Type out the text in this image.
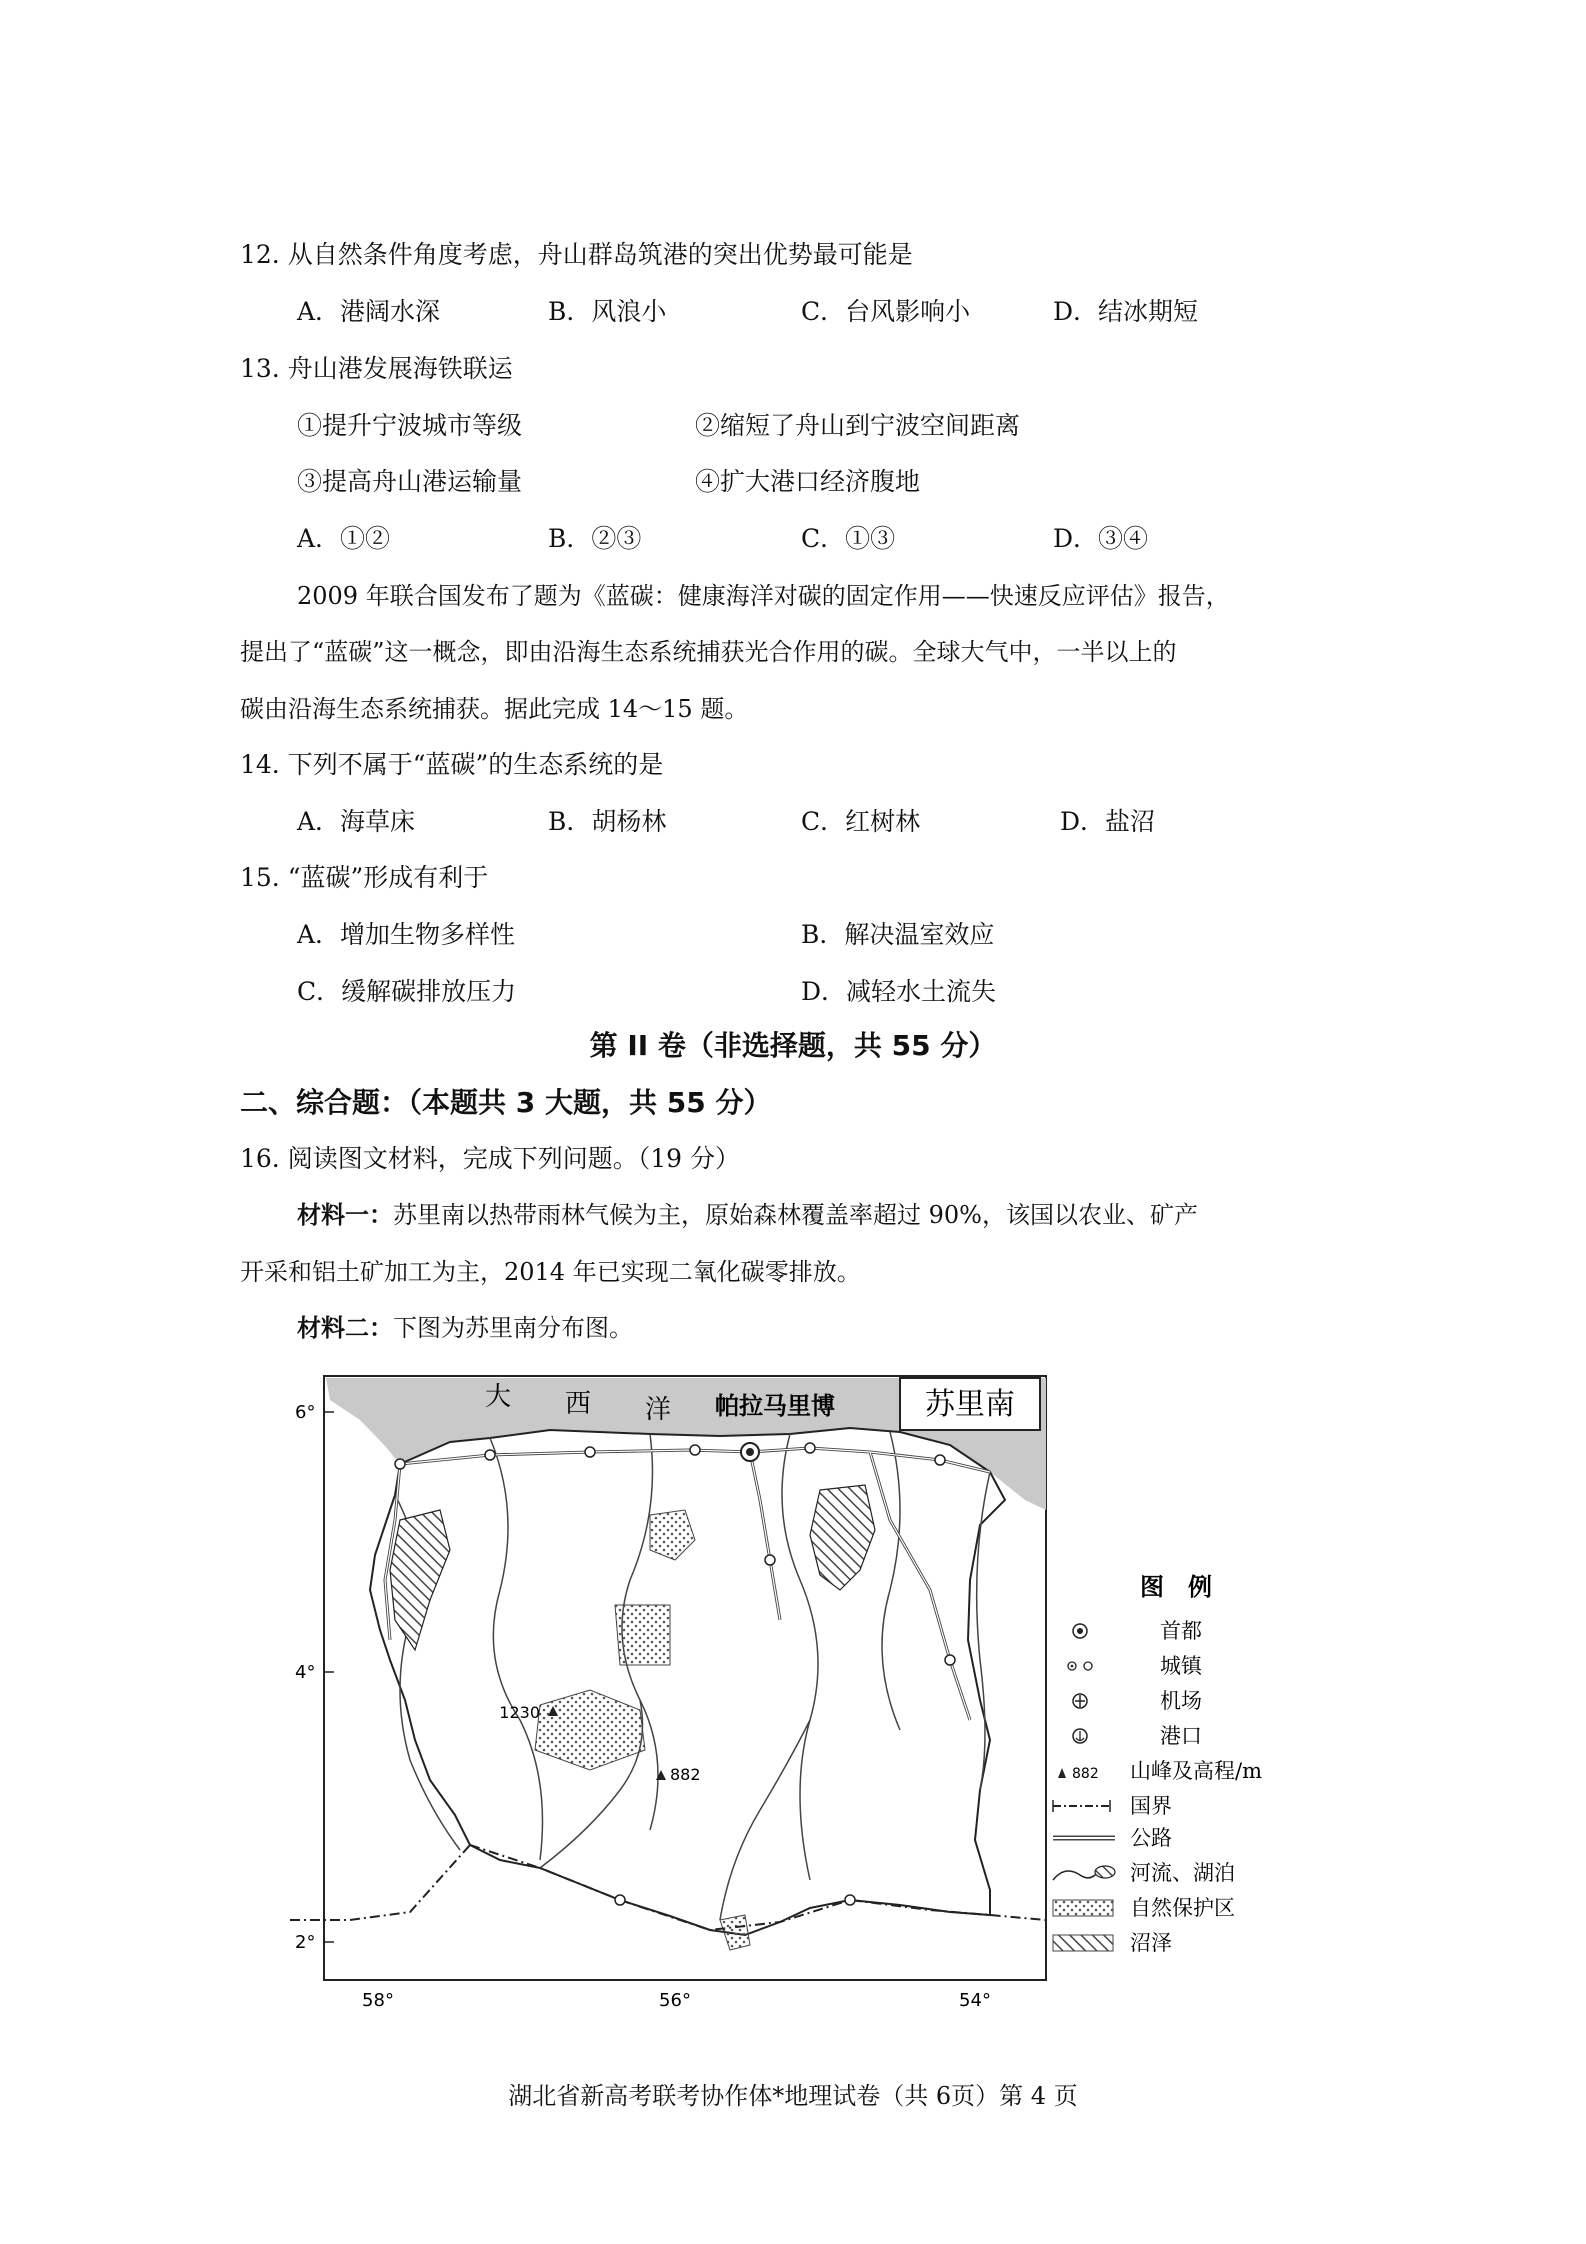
12. 从自然条件角度考虑，舟山群岛筑港的突出优势最可能是
A．港阔水深	B．风浪小	C．台风影响小	D．结冰期短
13. 舟山港发展海铁联运
①提升宁波城市等级	②缩短了舟山到宁波空间距离
③提高舟山港运输量	④扩大港口经济腹地
A．①②	B．②③	C．①③	D．③④
2009 年联合国发布了题为《蓝碳：健康海洋对碳的固定作用——快速反应评估》报告，
提出了“蓝碳”这一概念，即由沿海生态系统捕获光合作用的碳。全球大气中，一半以上的
碳由沿海生态系统捕获。据此完成 14～15 题。
14. 下列不属于“蓝碳”的生态系统的是
A．海草床	B．胡杨林	C．红树林	D．盐沼
15. “蓝碳”形成有利于
A．增加生物多样性	B．解决温室效应
C．缓解碳排放压力	D．减轻水土流失
第 II 卷（非选择题，共 55 分）
二、综合题：（本题共 3 大题，共 55 分）
16. 阅读图文材料，完成下列问题。（19 分）
材料一：苏里南以热带雨林气候为主，原始森林覆盖率超过 90%，该国以农业、矿产
开采和铝土矿加工为主，2014 年已实现二氧化碳零排放。
材料二：下图为苏里南分布图。
大 西 洋 帕拉马里博	苏里南
1230
882
6°
4°
2°
58°	56°	54°
图　例
首都
城镇
机场
港口
882 山峰及高程/m
国界
公路
河流、湖泊
自然保护区
沼泽
湖北省新高考联考协作体*地理试卷（共 6页）第 4 页
